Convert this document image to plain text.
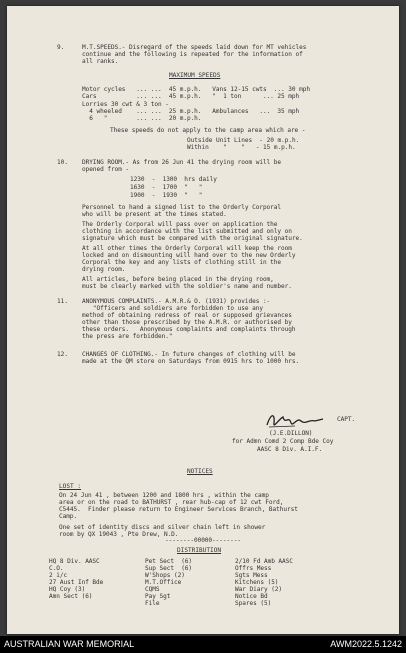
9.	M.T.SPEEDS.- Disregard of the speeds laid down for MT vehicles
continue and the following is repeated for the information of
all ranks.
MAXIMUM SPEEDS
Motor cycles   ... ...  45 m.p.h.   Vans 12-15 cwts  ... 30 mph
Cars           ... ...  45 m.p.h.   "  1 ton      ... 25 mph
Lorries 30 cwt & 3 ton -
4 wheeled    ... ...  25 m.p.h.   Ambulances   ...  35 mph
6   "        ... ...  20 m.p.h.
These speeds do not apply to the camp area which are -
Outside Unit Lines  - 20 m.p.h.
Within    "    "   - 15 m.p.h.
10. DRYING ROOM.- As from 26 Jun 41 the drying room will be
opened from -
1230  -  1300  hrs daily
1630  -  1700  "   "
1900  -  1930  "   "
Personnel to hand a signed list to the Orderly Corporal
who will be present at the times stated.
The Orderly Corporal will pass over on application the
clothing in accordance with the list submitted and only on
signature which must be compared with the original signature.
At all other times the Orderly Corporal will keep the room
locked and on dismounting will hand over to the new Orderly
Corporal the key and any lists of clothing still in the
drying room.
All articles, before being placed in the drying room,
must be clearly marked with the soldier's name and number.
11. ANONYMOUS COMPLAINTS.- A.M.R.& O. (1931) provides :-
"Officers and soldiers are forbidden to use any
method of obtaining redress of real or supposed grievances
other than those prescribed by the A.M.R. or authorised by
these orders.   Anonymous complaints and complaints through
the press are forbidden."
12. CHANGES OF CLOTHING.- In future changes of clothing will be
made at the QM store on Saturdays from 0915 hrs to 1000 hrs.
CAPT.
(J.E.DILLON)
for Admn Comd 2 Comp Bde Coy
AASC 8 Div. A.I.F.
NOTICES
LOST :
On 24 Jun 41 , between 1200 and 1800 hrs , within the camp
area or on the road to BATHURST , rear hub-cap of 12 cwt Ford,
C5445.  Finder please return to Engineer Services Branch, Bathurst
Camp.
One set of identity discs and silver chain left in shower
room by QX 19043 , Pte Drew, N.D.
--------00000--------
DISTRIBUTION
HQ 8 Div. AASC
C.O.
2 i/c
27 Aust Inf Bde
HQ Coy (3)
Amn Sect (6)
Pet Sect  (6)
Sup Sect  (6)
W'Shops (2)
M.T.Office
CQMS
Pay Sgt
File
2/10 Fd Amb AASC
Offrs Mess
Sgts Mess
Kitchens (5)
War Diary (2)
Notice Bd
Spares (5)
AUSTRALIAN WAR MEMORIAL	AWM2022.5.1242
